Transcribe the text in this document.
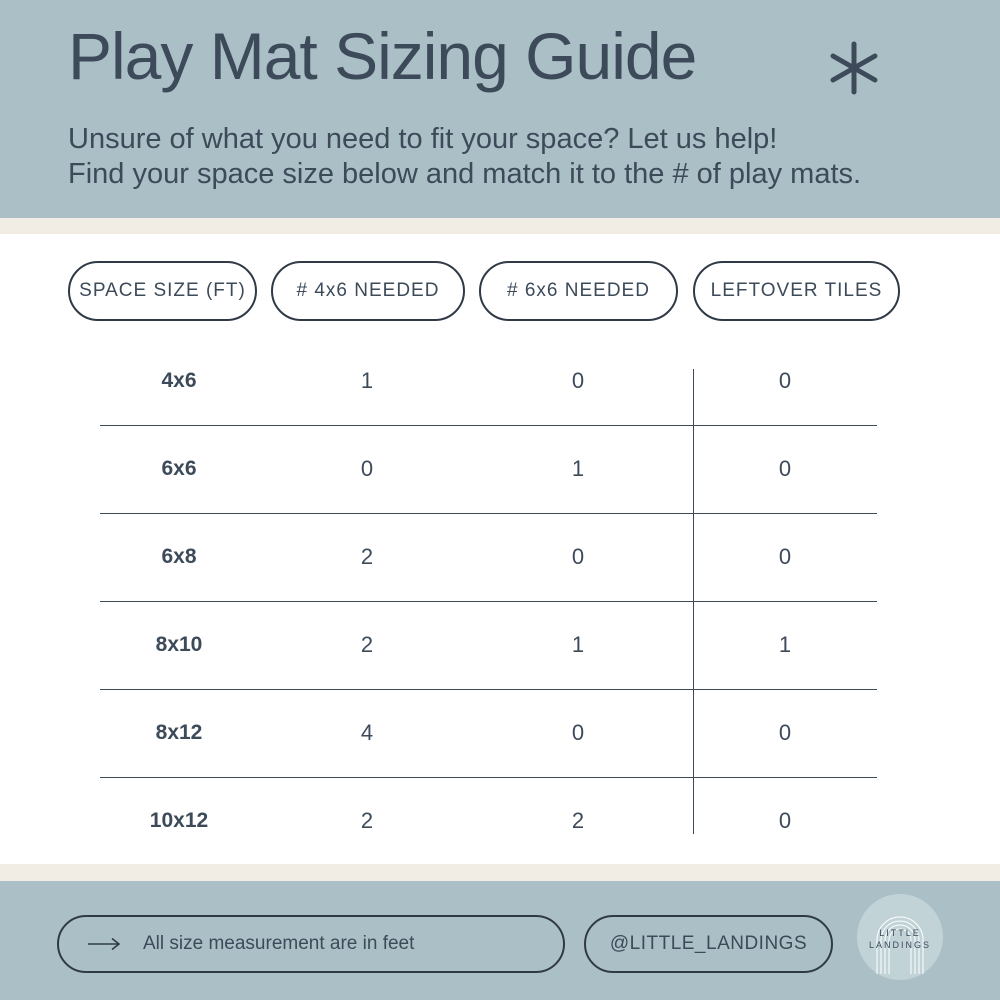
Play Mat Sizing Guide
Unsure of what you need to fit your space? Let us help!
Find your space size below and match it to the # of play mats.
SPACE SIZE (FT)	# 4x6 NEEDED	# 6x6 NEEDED	LEFTOVER TILES
4x6	1	0	0
6x6	0	1	0
6x8	2	0	0
8x10	2	1	1
8x12	4	0	0
10x12	2	2	0
All size measurement are in feet	@LITTLE_LANDINGS	LITTLE
LANDINGS
